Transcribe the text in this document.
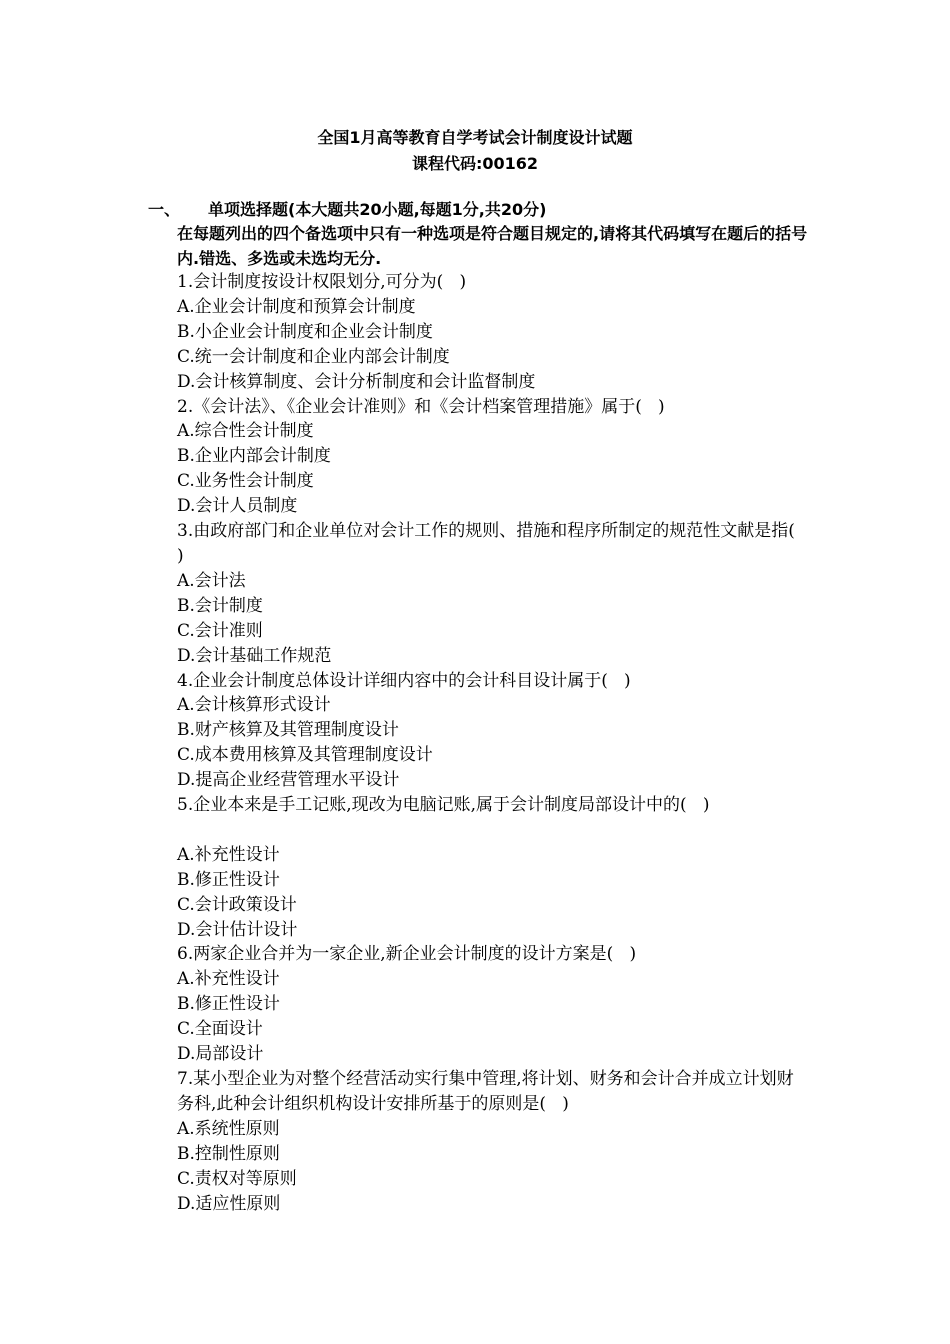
全国1月高等教育自学考试会计制度设计试题
课程代码:00162
一、 单项选择题(本大题共20小题,每题1分,共20分)
在每题列出的四个备选项中只有一种选项是符合题目规定的,请将其代码填写在题后的括号内.错选、多选或未选均无分.
1.会计制度按设计权限划分,可分为(   )
A.企业会计制度和预算会计制度
B.小企业会计制度和企业会计制度
C.统一会计制度和企业内部会计制度
D.会计核算制度、会计分析制度和会计监督制度
2.《会计法》、《企业会计准则》和《会计档案管理措施》属于(   )
A.综合性会计制度
B.企业内部会计制度
C.业务性会计制度
D.会计人员制度
3.由政府部门和企业单位对会计工作的规则、措施和程序所制定的规范性文献是指(   )
A.会计法
B.会计制度
C.会计准则
D.会计基础工作规范
4.企业会计制度总体设计详细内容中的会计科目设计属于(   )
A.会计核算形式设计
B.财产核算及其管理制度设计
C.成本费用核算及其管理制度设计
D.提高企业经营管理水平设计
5.企业本来是手工记账,现改为电脑记账,属于会计制度局部设计中的(   )
A.补充性设计
B.修正性设计
C.会计政策设计
D.会计估计设计
6.两家企业合并为一家企业,新企业会计制度的设计方案是(   )
A.补充性设计
B.修正性设计
C.全面设计
D.局部设计
7.某小型企业为对整个经营活动实行集中管理,将计划、财务和会计合并成立计划财务科,此种会计组织机构设计安排所基于的原则是(   )
A.系统性原则
B.控制性原则
C.责权对等原则
D.适应性原则
